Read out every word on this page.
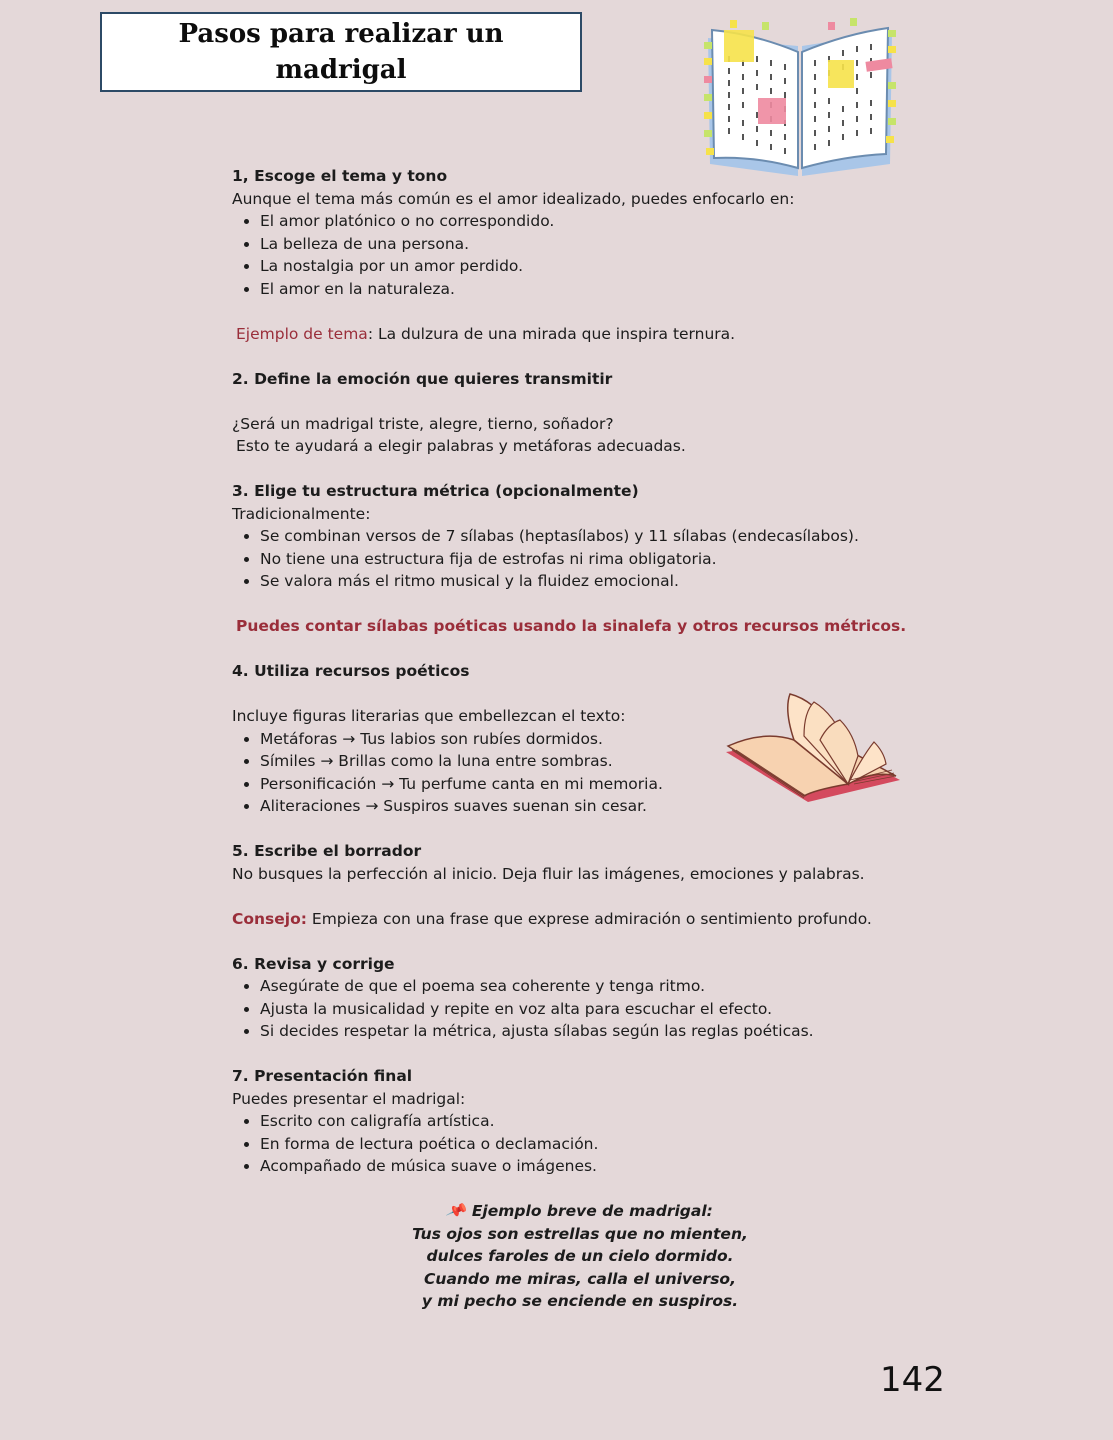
Pasos para realizar un madrigal

1, Escoge el tema y tono

Aunque el tema más común es el amor idealizado, puedes enfocarlo en:

El amor platónico o no correspondido.
La belleza de una persona.
La nostalgia por un amor perdido.
El amor en la naturaleza.

Ejemplo de tema: La dulzura de una mirada que inspira ternura.

2. Define la emoción que quieres transmitir

¿Será un madrigal triste, alegre, tierno, soñador?

Esto te ayudará a elegir palabras y metáforas adecuadas.

3. Elige tu estructura métrica (opcionalmente)

Tradicionalmente:

Se combinan versos de 7 sílabas (heptasílabos) y 11 sílabas (endecasílabos).
No tiene una estructura fija de estrofas ni rima obligatoria.
Se valora más el ritmo musical y la fluidez emocional.

Puedes contar sílabas poéticas usando la sinalefa y otros recursos métricos.

4. Utiliza recursos poéticos

Incluye figuras literarias que embellezcan el texto:

Metáforas → Tus labios son rubíes dormidos.
Símiles → Brillas como la luna entre sombras.
Personificación → Tu perfume canta en mi memoria.
Aliteraciones → Suspiros suaves suenan sin cesar.

5. Escribe el borrador

No busques la perfección al inicio. Deja fluir las imágenes, emociones y palabras.

Consejo: Empieza con una frase que exprese admiración o sentimiento profundo.

6. Revisa y corrige

Asegúrate de que el poema sea coherente y tenga ritmo.
Ajusta la musicalidad y repite en voz alta para escuchar el efecto.
Si decides respetar la métrica, ajusta sílabas según las reglas poéticas.

7. Presentación final

Puedes presentar el madrigal:

Escrito con caligrafía artística.
En forma de lectura poética o declamación.
Acompañado de música suave o imágenes.

📌 Ejemplo breve de madrigal:

Tus ojos son estrellas que no mienten,

dulces faroles de un cielo dormido.

Cuando me miras, calla el universo,

y mi pecho se enciende en suspiros.

142
